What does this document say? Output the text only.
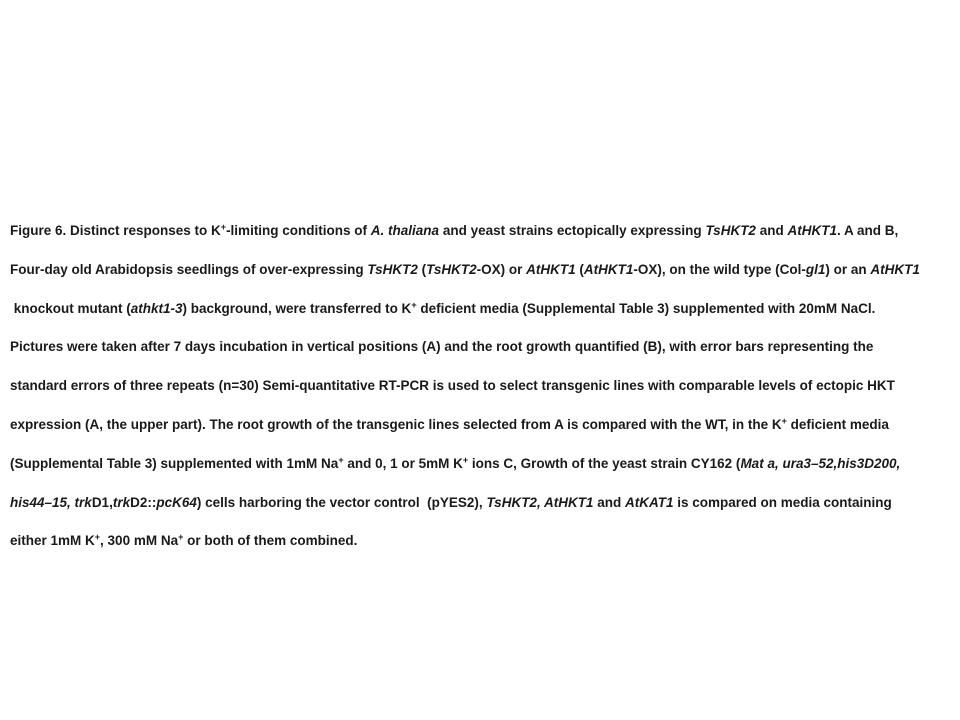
Figure 6. Distinct responses to K+-limiting conditions of A. thaliana and yeast strains ectopically expressing TsHKT2 and AtHKT1. A and B,
Four-day old Arabidopsis seedlings of over-expressing TsHKT2 (TsHKT2-OX) or AtHKT1 (AtHKT1-OX), on the wild type (Col-gl1) or an AtHKT1
knockout mutant (athkt1-3) background, were transferred to K+ deficient media (Supplemental Table 3) supplemented with 20mM NaCl.
Pictures were taken after 7 days incubation in vertical positions (A) and the root growth quantified (B), with error bars representing the
standard errors of three repeats (n=30) Semi-quantitative RT-PCR is used to select transgenic lines with comparable levels of ectopic HKT
expression (A, the upper part). The root growth of the transgenic lines selected from A is compared with the WT, in the K+ deficient media
(Supplemental Table 3) supplemented with 1mM Na+ and 0, 1 or 5mM K+ ions C, Growth of the yeast strain CY162 (Mat a, ura3–52,his3D200,
his44–15, trkD1,trkD2::pcK64) cells harboring the vector control  (pYES2), TsHKT2, AtHKT1 and AtKAT1 is compared on media containing
either 1mM K+, 300 mM Na+ or both of them combined.
